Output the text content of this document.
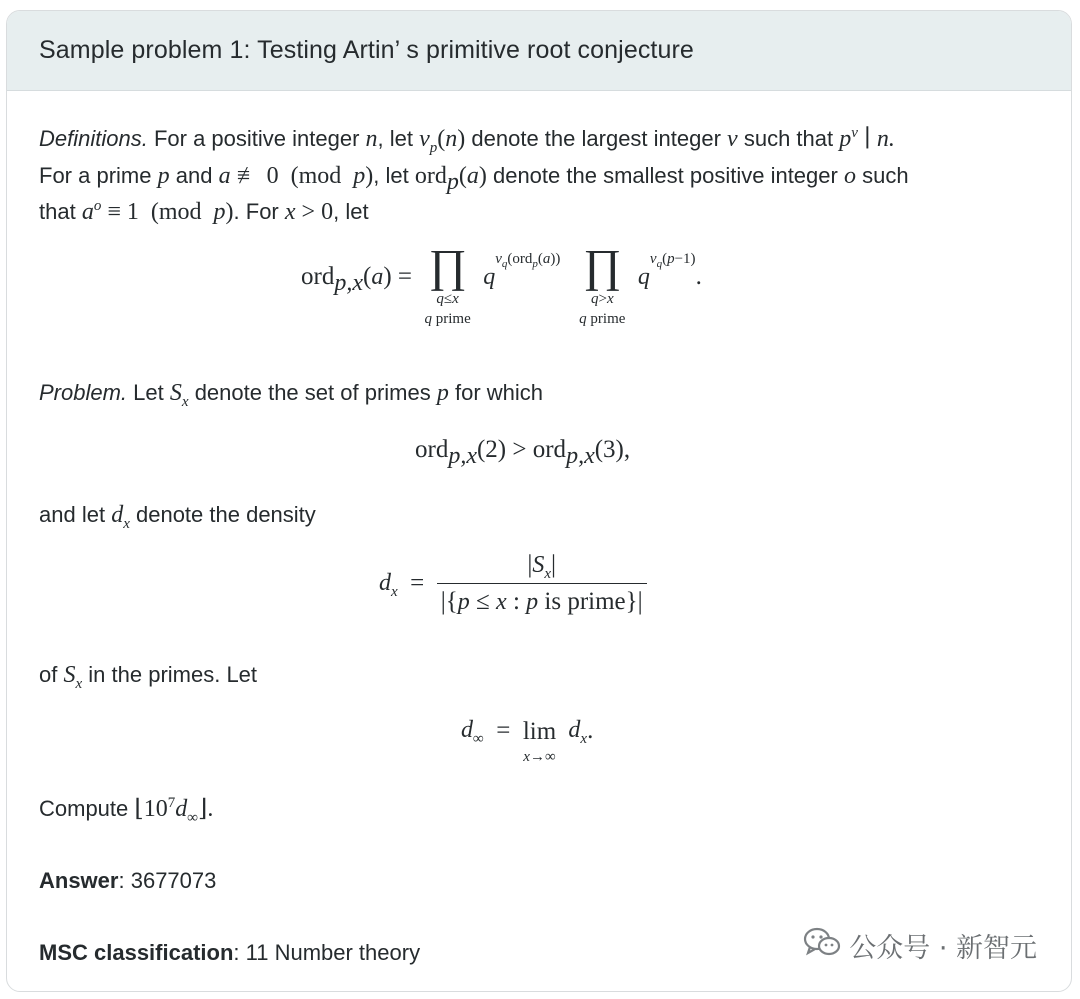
Sample problem 1: Testing Artin’ s primitive root conjecture
Definitions. For a positive integer n, let $v_p(n)$ denote the largest integer v such that $p^v$ ∣ n.
For a prime p and a ≢ 0  (mod  p), let ord$_p$(a) denote the smallest positive integer o such
that $a^o \equiv 1$  (mod  p). For x > 0, let
ord$_{p,x}$(a) =  ∏
q≤x
q prime
$q^{v_q(ord_p(a))}$ ∏
q>x
q prime
$q^{v_q(p-1)}$.
Problem. Let $S_x$ denote the set of primes p for which
ord$_{p,x}$(2) > ord$_{p,x}$(3),
and let $d_x$ denote the density
$d_x = \frac{|S_x|}{\text{|\{p ≤ x : p is prime\}|}}$
of $S_x$ in the primes. Let
$d_\infty = \lim$
x→∞
$d_x$.
Compute $⌊10^7d_\infty⌋$.
Answer: 3677073
MSC classification: 11 Number theory	公众号 · 新智元
